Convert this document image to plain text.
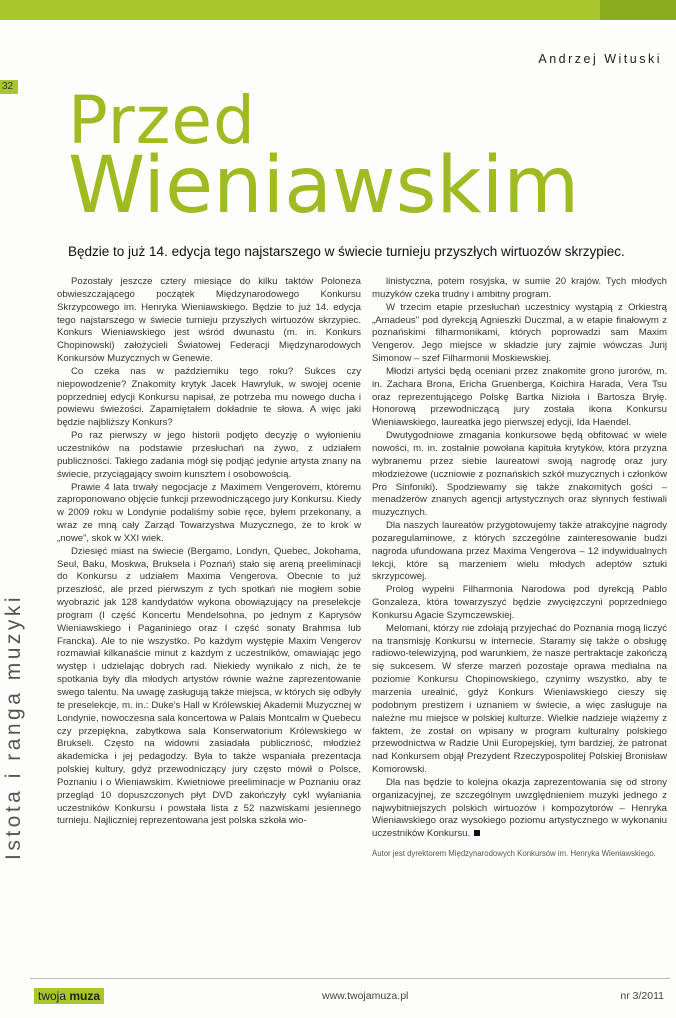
Andrzej Wituski
32 Przed
Wieniawskim
Będzie to już 14. edycja tego najstarszego w świecie turnieju przyszłych wirtuozów skrzypiec.
Istota i ranga muzyki

Pozostały jeszcze cztery miesiące do kilku taktów Poloneza obwieszczającego początek Międzynarodowego Konkursu Skrzypcowego im. Henryka Wieniawskiego. Będzie to już 14. edycja tego najstarszego w świecie turnieju przyszłych wirtuozów skrzypiec. Konkurs Wieniawskiego jest wśród dwunastu (m. in. Konkurs Chopinowski) założycieli Światowej Federacji Międzynarodowych Konkursów Muzycznych w Genewie.

Co czeka nas w październiku tego roku? Sukces czy niepowodzenie? Znakomity krytyk Jacek Hawryluk, w swojej ocenie poprzedniej edycji Konkursu napisał, że potrzeba mu nowego ducha i powiewu świeżości. Zapamiętałem dokładnie te słowa. A więc jaki będzie najbliższy Konkurs?

Po raz pierwszy w jego historii podjęto decyzję o wyłonieniu uczestników na podstawie przesłuchań na żywo, z udziałem publiczności. Takiego zadania mógł się podjąć jedynie artysta znany na świecie, przyciągający swoim kunsztem i osobowością.

Prawie 4 lata trwały negocjacje z Maximem Vengerovem, któremu zaproponowano objęcie funkcji przewodniczącego jury Konkursu. Kiedy w 2009 roku w Londynie podaliśmy sobie ręce, byłem przekonany, a wraz ze mną cały Zarząd Towarzystwa Muzycznego, że to krok w „nowe”, skok w XXI wiek.

Dziesięć miast na świecie (Bergamo, Londyn, Quebec, Jokohama, Seul, Baku, Moskwa, Bruksela i Poznań) stało się areną preeliminacji do Konkursu z udziałem Maxima Vengerova. Obecnie to już przeszłość, ale przed pierwszym z tych spotkań nie mogłem sobie wyobrazić jak 128 kandydatów wykona obowiązujący na preselekcje program (I część Koncertu Mendelsohna, po jednym z Kaprysów Wieniawskiego i Paganiniego oraz I część sonaty Brahmsa lub Francka). Ale to nie wszystko. Po każdym występie Maxim Vengerov rozmawiał kilkanaście minut z każdym z uczestników, omawiając jego występ i udzielając dobrych rad. Niekiedy wynikało z nich, że te spotkania były dla młodych artystów równie ważne zaprezentowanie swego talentu. Na uwagę zasługują także miejsca, w których się odbyły te preselekcje, m. in.: Duke's Hall w Królewskiej Akademii Muzycznej w Londynie, nowoczesna sala koncertowa w Palais Montcalm w Quebecu czy przepiękna, zabytkowa sala Konserwatorium Królewskiego w Brukseli. Często na widowni zasiadała publiczność, młodzież akademicka i jej pedagodzy. Była to także wspaniała prezentacja polskiej kultury, gdyż przewodniczący jury często mówił o Polsce, Poznaniu i o Wieniawskim. Kwietniowe preeliminacje w Poznaniu oraz przegląd 10 dopuszczonych płyt DVD zakończyły cykl wyłaniania uczestników Konkursu i powstała lista z 52 nazwiskami jesiennego turnieju. Najliczniej reprezentowana jest polska szkoła wio-

linistyczna, potem rosyjska, w sumie 20 krajów. Tych młodych muzyków czeka trudny i ambitny program.

W trzecim etapie przesłuchań uczestnicy wystąpią z Orkiestrą „Amadeus” pod dyrekcją Agnieszki Duczmal, a w etapie finałowym z poznańskimi filharmonikami, których poprowadzi sam Maxim Vengerov. Jego miejsce w składzie jury zajmie wówczas Jurij Simonow – szef Filharmonii Moskiewskiej.

Młodzi artyści będą oceniani przez znakomite grono jurorów, m. in. Zachara Brona, Ericha Gruenberga, Koichira Harada, Vera Tsu oraz reprezentującego Polskę Bartka Nizioła i Bartosza Bryłę. Honorową przewodniczącą jury została ikona Konkursu Wieniawskiego, laureatka jego pierwszej edycji, Ida Haendel.

Dwutygodniowe zmagania konkursowe będą obfitować w wiele nowości, m. in. zostałnie powołana kapituła krytyków, która przyzna wybranemu przez siebie laureatowi swoją nagrodę oraz jury młodzieżowe (uczniowie z poznańskich szkół muzycznych i członków Pro Sinfoniki). Spodziewamy się także znakomitych gości – menadżerów znanych agencji artystycznych oraz słynnych festiwali muzycznych.

Dla naszych laureatów przygotowujemy także atrakcyjne nagrody pozaregulaminowe, z których szczególne zainteresowanie budzi nagroda ufundowana przez Maxima Vengerova – 12 indywidualnych lekcji, które są marzeniem wielu młodych adeptów sztuki skrzypcowej.

Prolog wypełni Filharmonia Narodowa pod dyrekcją Pablo Gonzaleza, która towarzyszyć będzie zwycięzczyni poprzedniego Konkursu Agacie Szymczewskiej.

Melomani, którzy nie zdołają przyjechać do Poznania mogą liczyć na transmisję Konkursu w internecie. Staramy się także o obsługę radiowo-telewizyjną, pod warunkiem, że nasze pertraktacje zakończą się sukcesem. W sferze marzeń pozostaje oprawa medialna na poziomie Konkursu Chopinowskiego, czynimy wszystko, aby te marzenia urealnić, gdyż Konkurs Wieniawskiego cieszy się podobnym prestiżem i uznaniem w świecie, a więc zasługuje na należne mu miejsce w polskiej kulturze. Wielkie nadzieje wiążemy z faktem, że został on wpisany w program kulturalny polskiego przewodnictwa w Radzie Unii Europejskiej, tym bardziej, że patronat nad Konkursem objął Prezydent Rzeczypospolitej Polskiej Bronisław Komorowski.

Dla nas będzie to kolejna okazja zaprezentowania się od strony organizacyjnej, ze szczególnym uwzględnieniem muzyki jednego z najwybitniejszych polskich wirtuozów i kompozytorów – Henryka Wieniawskiego oraz wysokiego poziomu artystycznego w wykonaniu uczestników Konkursu.

Autor jest dyrektorem Międzynarodowych Konkursów im. Henryka Wieniawskiego.

twoja muza	www.twojamuza.pl	nr 3/2011
